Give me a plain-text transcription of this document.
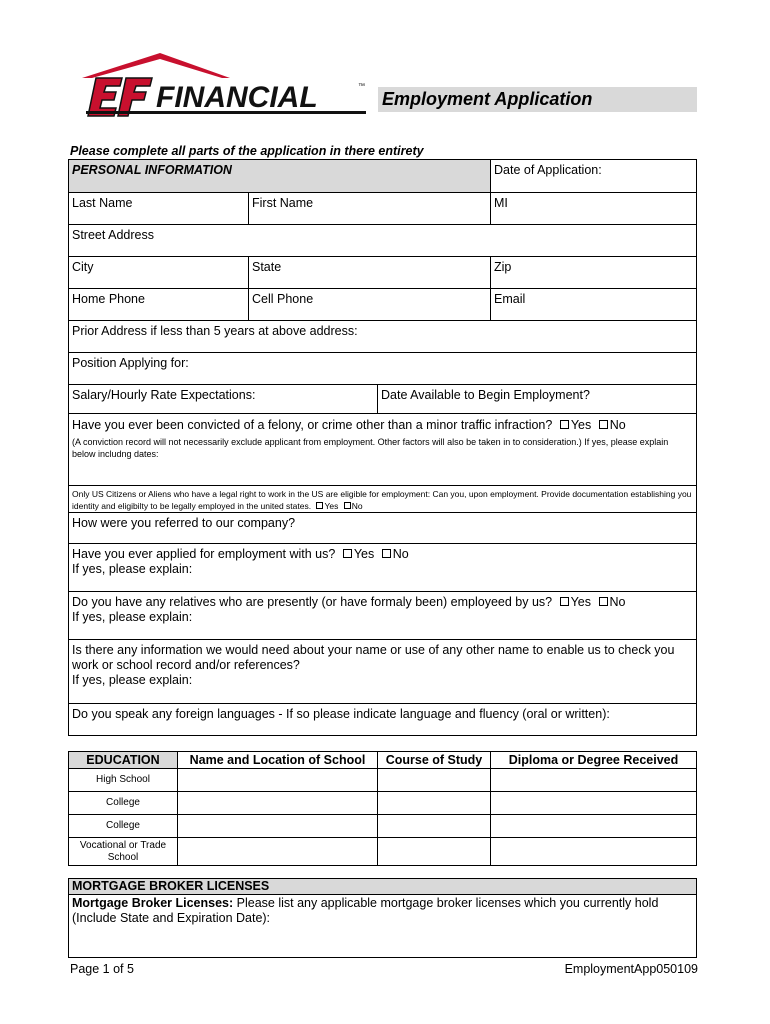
FINANCIAL	™
Employment Application
Please complete all parts of the application in there entirety
PERSONAL INFORMATION	Date of Application:
Last Name	First Name	MI
Street Address
City	State	Zip
Home Phone	Cell Phone	Email
Prior Address if less than 5 years at above address:
Position Applying for:
Salary/Hourly Rate Expectations:	Date Available to Begin Employment?
Have you ever been convicted of a felony, or crime other than a minor traffic infraction? Yes No
(A conviction record will not necessarily exclude applicant from employment. Other factors will also be taken in to consideration.) If yes, please explain below includng dates:
Only US Citizens or Aliens who have a legal right to work in the US are eligible for employment: Can you, upon employment. Provide documentation establishing you identity and eligibilty to be legally employed in the united states. Yes No
How were you referred to our company?
Have you ever applied for employment with us? Yes No
If yes, please explain:
Do you have any relatives who are presently (or have formaly been) employeed by us? Yes No
If yes, please explain:
Is there any information we would need about your name or use of any other name to enable us to check you work or school record and/or references?
If yes, please explain:
Do you speak any foreign languages - If so please indicate language and fluency (oral or written):
EDUCATION	Name and Location of School	Course of Study	Diploma or Degree Received
High School
College
College
Vocational or Trade School
MORTGAGE BROKER LICENSES
Mortgage Broker Licenses: Please list any applicable mortgage broker licenses which you currently hold (Include State and Expiration Date):
Page 1 of 5	EmploymentApp050109
